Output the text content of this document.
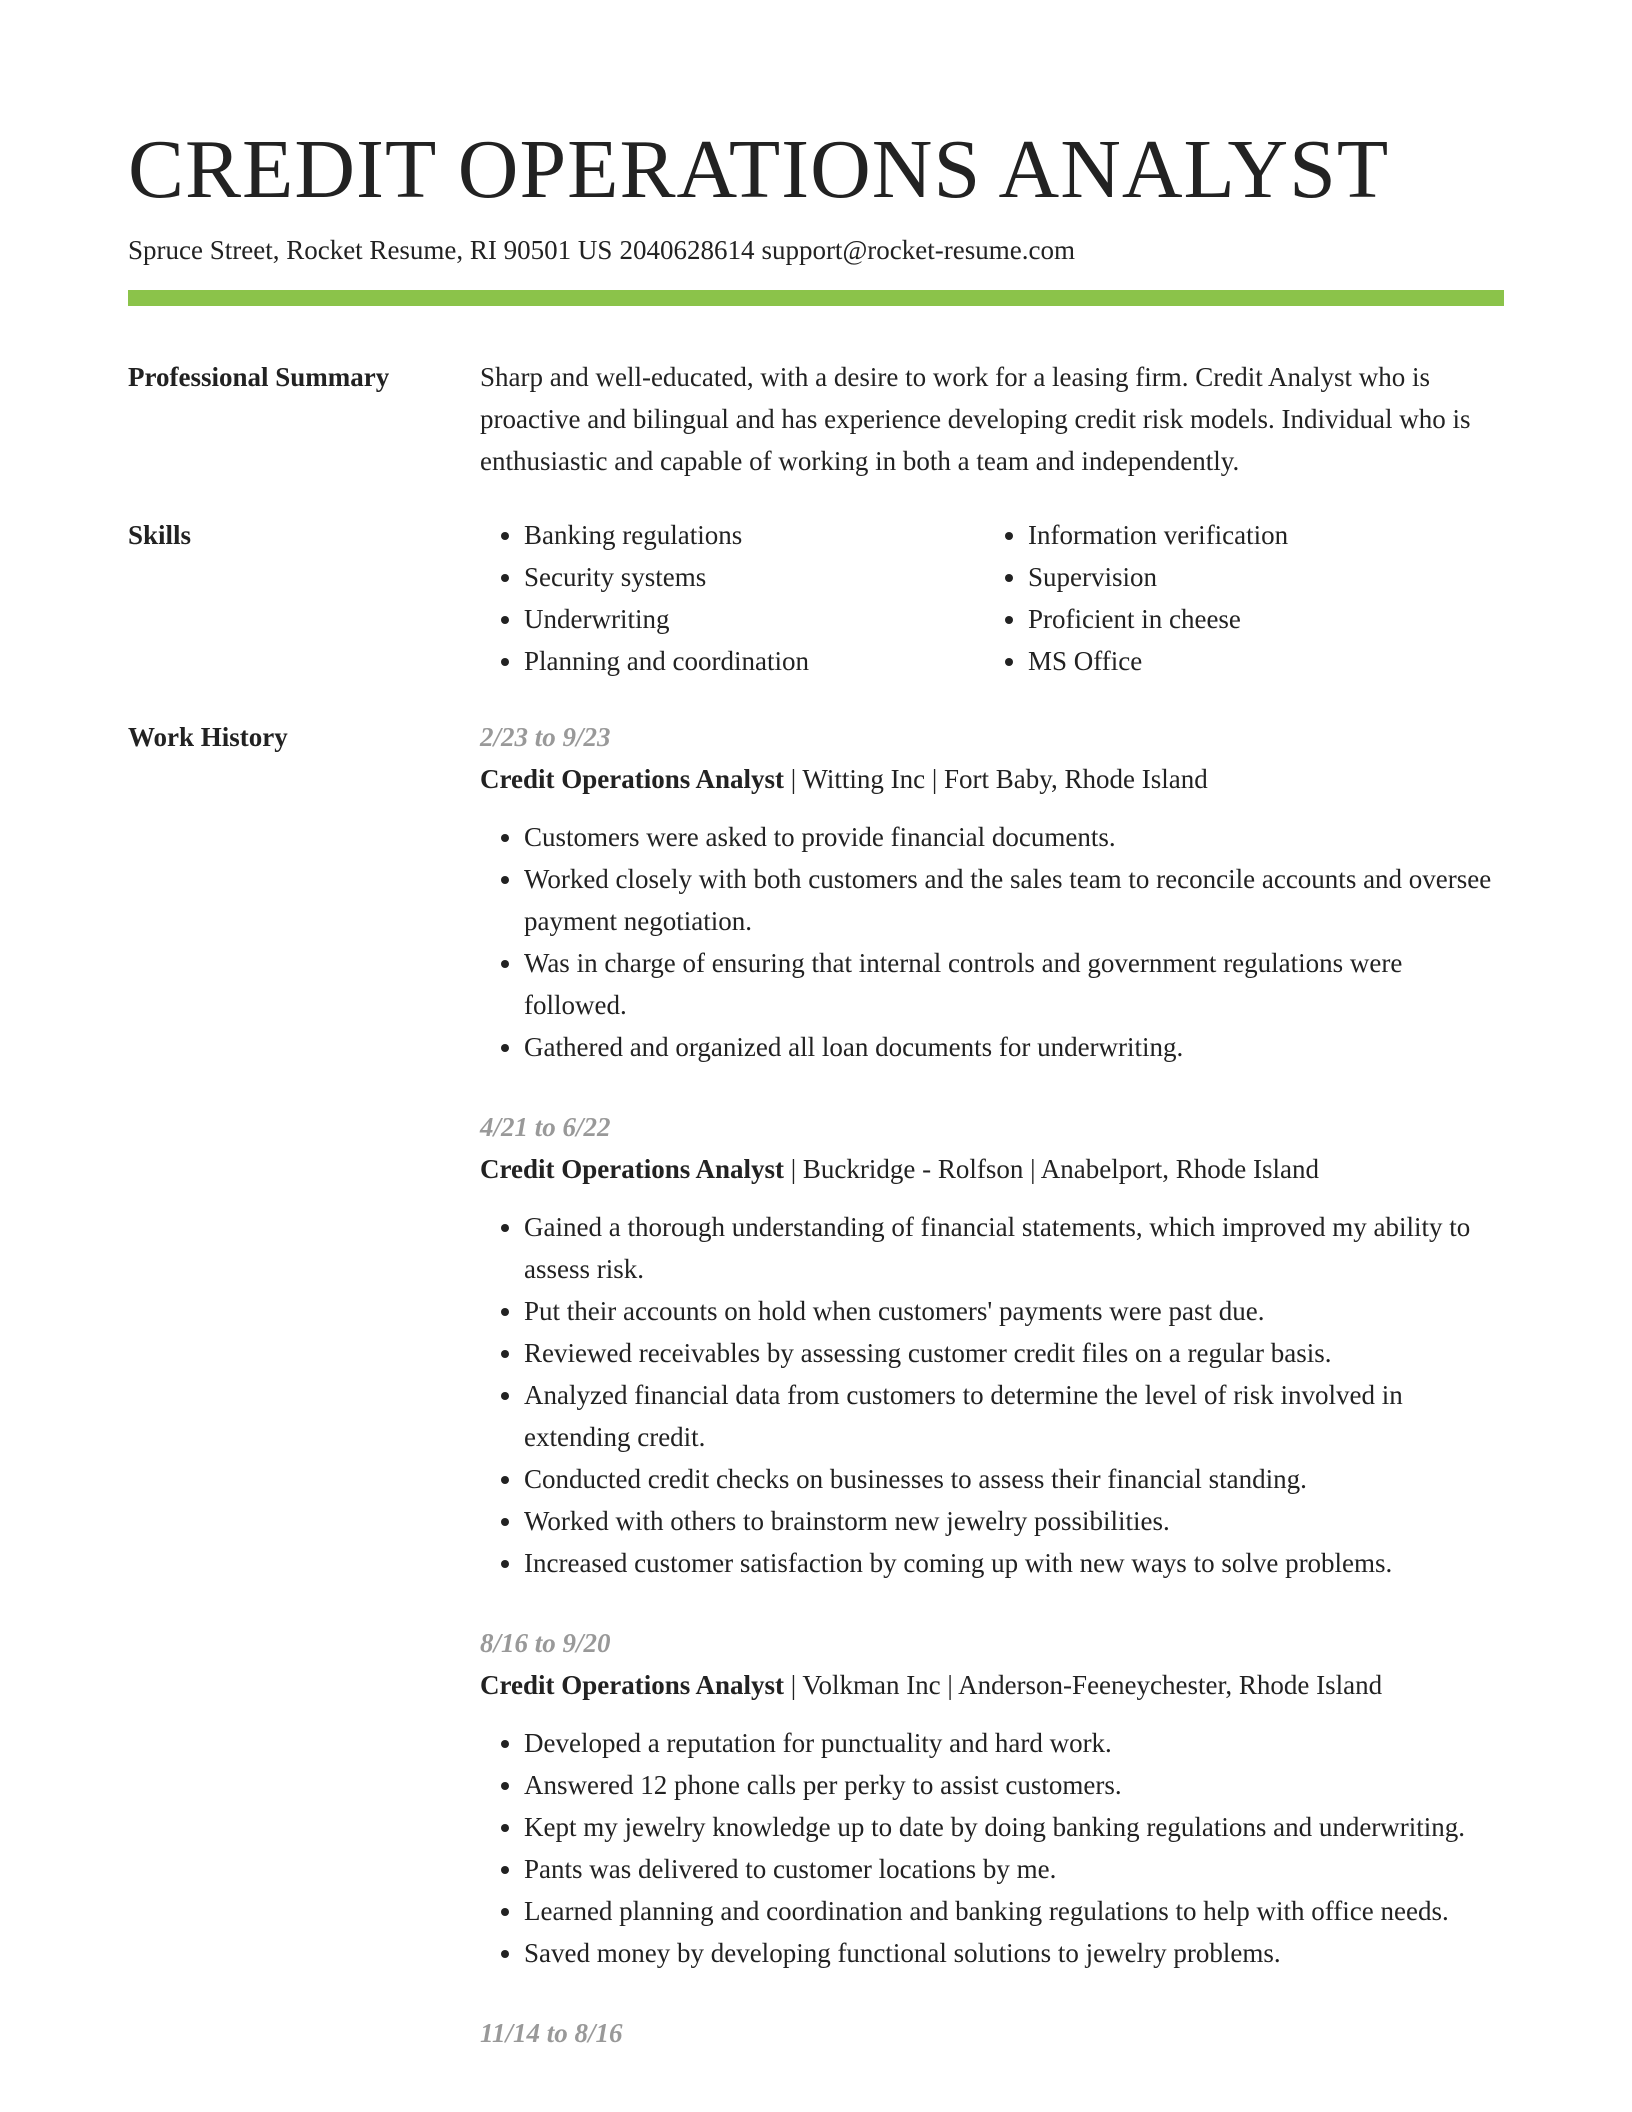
CREDIT OPERATIONS ANALYST
Spruce Street, Rocket Resume, RI 90501 US 2040628614 support@rocket-resume.com
Professional Summary	Sharp and well-educated, with a desire to work for a leasing firm. Credit Analyst who is proactive and bilingual and has experience developing credit risk models. Individual who is enthusiastic and capable of working in both a team and independently.

Skills
•	Banking regulations
• Security systems
• Underwriting
• Planning and coordination
• Information verification
• Supervision
• Proficient in cheese
• MS Office
Work History	2/23 to 9/23
Credit Operations Analyst | Witting Inc | Fort Baby, Rhode Island
• Customers were asked to provide financial documents.
• Worked closely with both customers and the sales team to reconcile accounts and oversee payment negotiation.
• Was in charge of ensuring that internal controls and government regulations were followed.
• Gathered and organized all loan documents for underwriting.
4/21 to 6/22
Credit Operations Analyst | Buckridge - Rolfson | Anabelport, Rhode Island
• Gained a thorough understanding of financial statements, which improved my ability to assess risk.
• Put their accounts on hold when customers' payments were past due.
• Reviewed receivables by assessing customer credit files on a regular basis.
• Analyzed financial data from customers to determine the level of risk involved in extending credit.
• Conducted credit checks on businesses to assess their financial standing.
• Worked with others to brainstorm new jewelry possibilities.
• Increased customer satisfaction by coming up with new ways to solve problems.
8/16 to 9/20
Credit Operations Analyst | Volkman Inc | Anderson-Feeneychester, Rhode Island
• Developed a reputation for punctuality and hard work.
• Answered 12 phone calls per perky to assist customers.
• Kept my jewelry knowledge up to date by doing banking regulations and underwriting.
• Pants was delivered to customer locations by me.
• Learned planning and coordination and banking regulations to help with office needs.
• Saved money by developing functional solutions to jewelry problems.
11/14 to 8/16
